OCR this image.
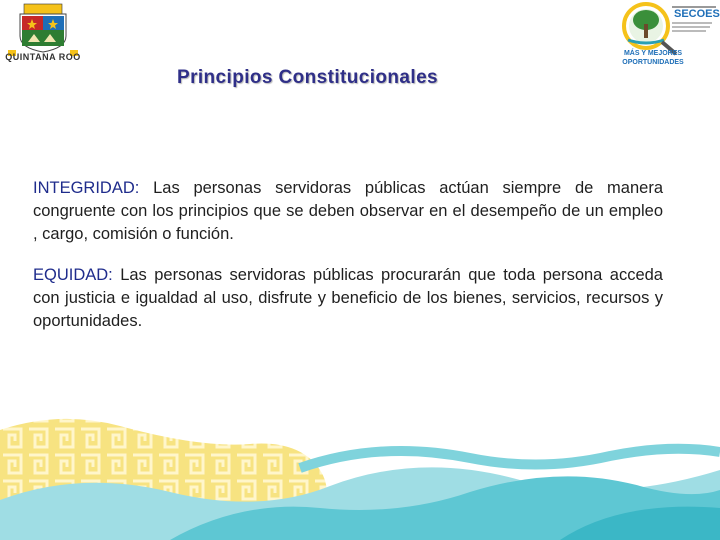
QUINTANA ROO
SECOES
MÁS Y MEJORES
OPORTUNIDADES
Principios Constitucionales
INTEGRIDAD: Las personas servidoras públicas actúan siempre de manera congruente con los principios que se deben observar en el desempeño de un empleo , cargo, comisión o función.
EQUIDAD: Las personas servidoras públicas procurarán que toda persona acceda con justicia e igualdad al uso, disfrute y beneficio de los bienes, servicios, recursos y oportunidades.
